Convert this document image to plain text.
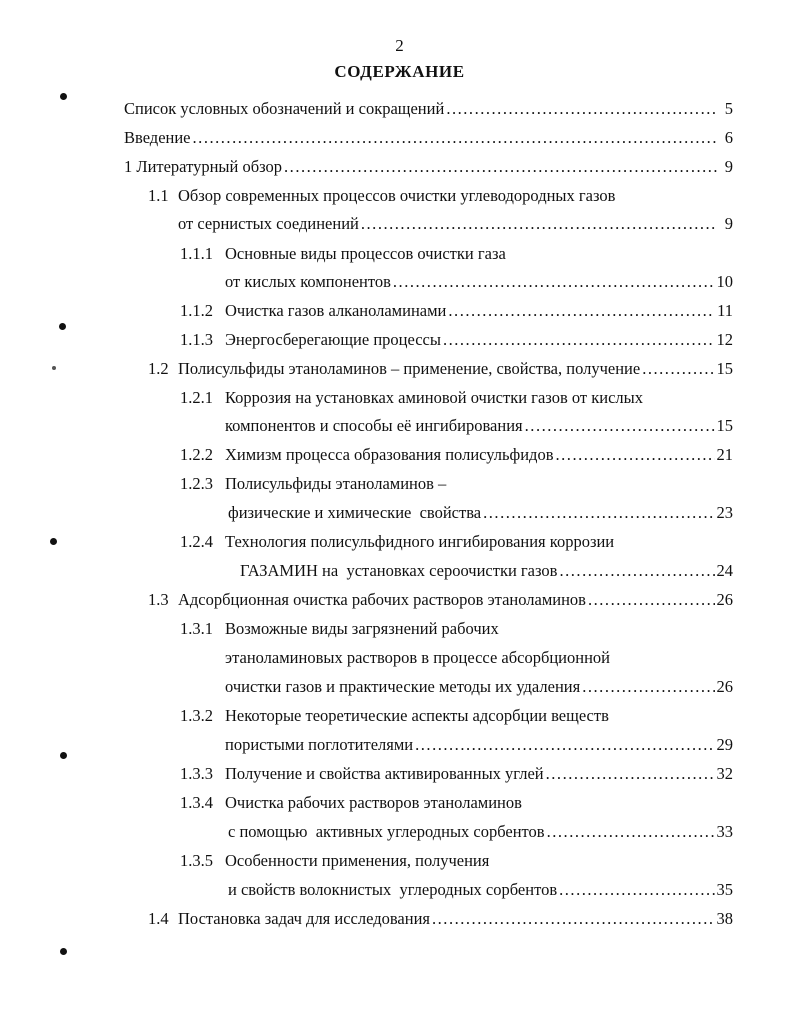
2
СОДЕРЖАНИЕ
Список условных обозначений и сокращений . . .	5
Введение . . .	6
1 Литературный обзор . . .	9
1.1 Обзор современных процессов очистки углеводородных газов
от сернистых соединений . . .	9
1.1.1 Основные виды процессов очистки газа
от кислых компонентов . . .	10
1.1.2 Очистка газов алканоламинами . . .	11
1.1.3 Энергосберегающие процессы . . .	12
1.2 Полисульфиды этаноламинов – применение, свойства, получение . . .	15
1.2.1 Коррозия на установках аминовой очистки газов от кислых
компонентов и способы её ингибирования . . .	15
1.2.2 Химизм процесса образования полисульфидов . . .	21
1.2.3 Полисульфиды этаноламинов –
физические и химические  свойства . . .	23
1.2.4 Технология полисульфидного ингибирования коррозии
ГАЗАМИН на  установках сероочистки газов . . .	24
1.3 Адсорбционная очистка рабочих растворов этаноламинов . . .	26
1.3.1 Возможные виды загрязнений рабочих
этаноламиновых растворов в процессе абсорбционной
очистки газов и практические методы их удаления . . .	26
1.3.2 Некоторые теоретические аспекты адсорбции веществ
пористыми поглотителями . . .	29
1.3.3 Получение и свойства активированных углей . . .	32
1.3.4 Очистка рабочих растворов этаноламинов
с помощью  активных углеродных сорбентов . . .	33
1.3.5 Особенности применения, получения
и свойств волокнистых  углеродных сорбентов . . .	35
1.4 Постановка задач для исследования . . .	38
